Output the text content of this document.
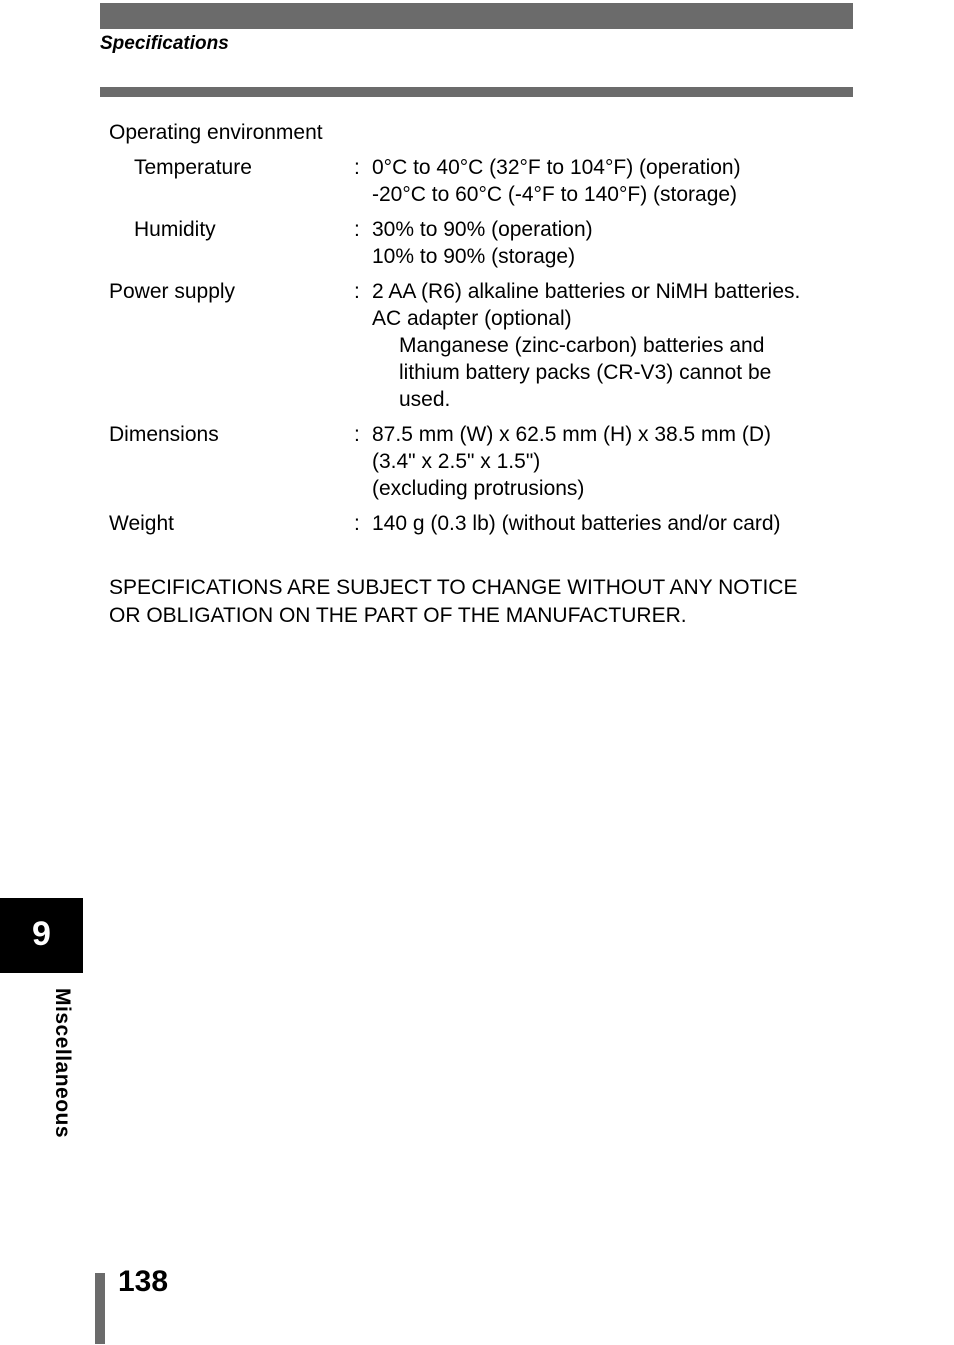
Specifications
Operating environment
Temperature	: 0°C to 40°C (32°F to 104°F) (operation)
-20°C to 60°C (-4°F to 140°F) (storage)
Humidity	: 30% to 90% (operation)
10% to 90% (storage)
Power supply	: 2 AA (R6) alkaline batteries or NiMH batteries.
AC adapter (optional)
Manganese (zinc-carbon) batteries and
lithium battery packs (CR-V3) cannot be
used.
Dimensions	: 87.5 mm (W) x 62.5 mm (H) x 38.5 mm (D)
(3.4" x 2.5" x 1.5")
(excluding protrusions)
Weight	: 140 g (0.3 lb) (without batteries and/or card)
SPECIFICATIONS ARE SUBJECT TO CHANGE WITHOUT ANY NOTICE
OR OBLIGATION ON THE PART OF THE MANUFACTURER.
9
Miscellaneous
138
